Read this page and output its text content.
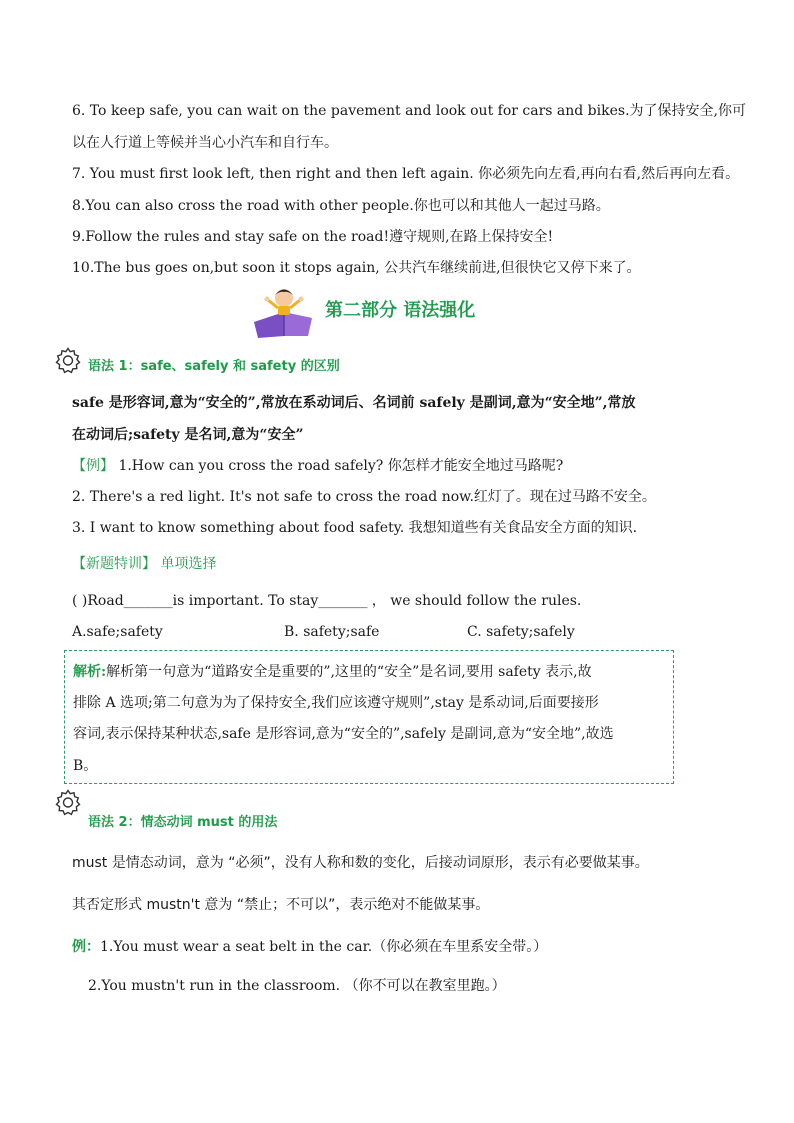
6. To keep safe, you can wait on the pavement and look out for cars and bikes.为了保持安全,你可
以在人行道上等候并当心小汽车和自行车。
7. You must first look left, then right and then left again. 你必须先向左看,再向右看,然后再向左看。
8.You can also cross the road with other people.你也可以和其他人一起过马路。
9.Follow the rules and stay safe on the road!遵守规则,在路上保持安全!
10.The bus goes on,but soon it stops again, 公共汽车继续前进,但很快它又停下来了。
第二部分 语法强化
语法 1：safe、safely 和 safety 的区别
safe 是形容词,意为“安全的”,常放在系动词后、名词前 safely 是副词,意为“安全地”,常放
在动词后;safety 是名词,意为“安全”
【例】 1.How can you cross the road safely? 你怎样才能安全地过马路呢?
2. There's a red light. It's not safe to cross the road now.红灯了。现在过马路不安全。
3. I want to know something about food safety. 我想知道些有关食品安全方面的知识.
【新题特训】 单项选择
( )Road_______is important. To stay_______ ， we should follow the rules.
A.safe;safety	B. safety;safe	C. safety;safely
解析:解析第一句意为“道路安全是重要的”,这里的“安全”是名词,要用 safety 表示,故
排除 A 选项;第二句意为为了保持安全,我们应该遵守规则”,stay 是系动词,后面要接形
容词,表示保持某种状态,safe 是形容词,意为“安全的”,safely 是副词,意为“安全地”,故选
B。
语法 2：情态动词 must 的用法
must 是情态动词，意为 “必须”，没有人称和数的变化，后接动词原形，表示有必要做某事。
其否定形式 mustn't 意为 “禁止；不可以”，表示绝对不能做某事。
例：1.You must wear a seat belt in the car.（你必须在车里系安全带。）
2.You mustn't run in the classroom. （你不可以在教室里跑。）
